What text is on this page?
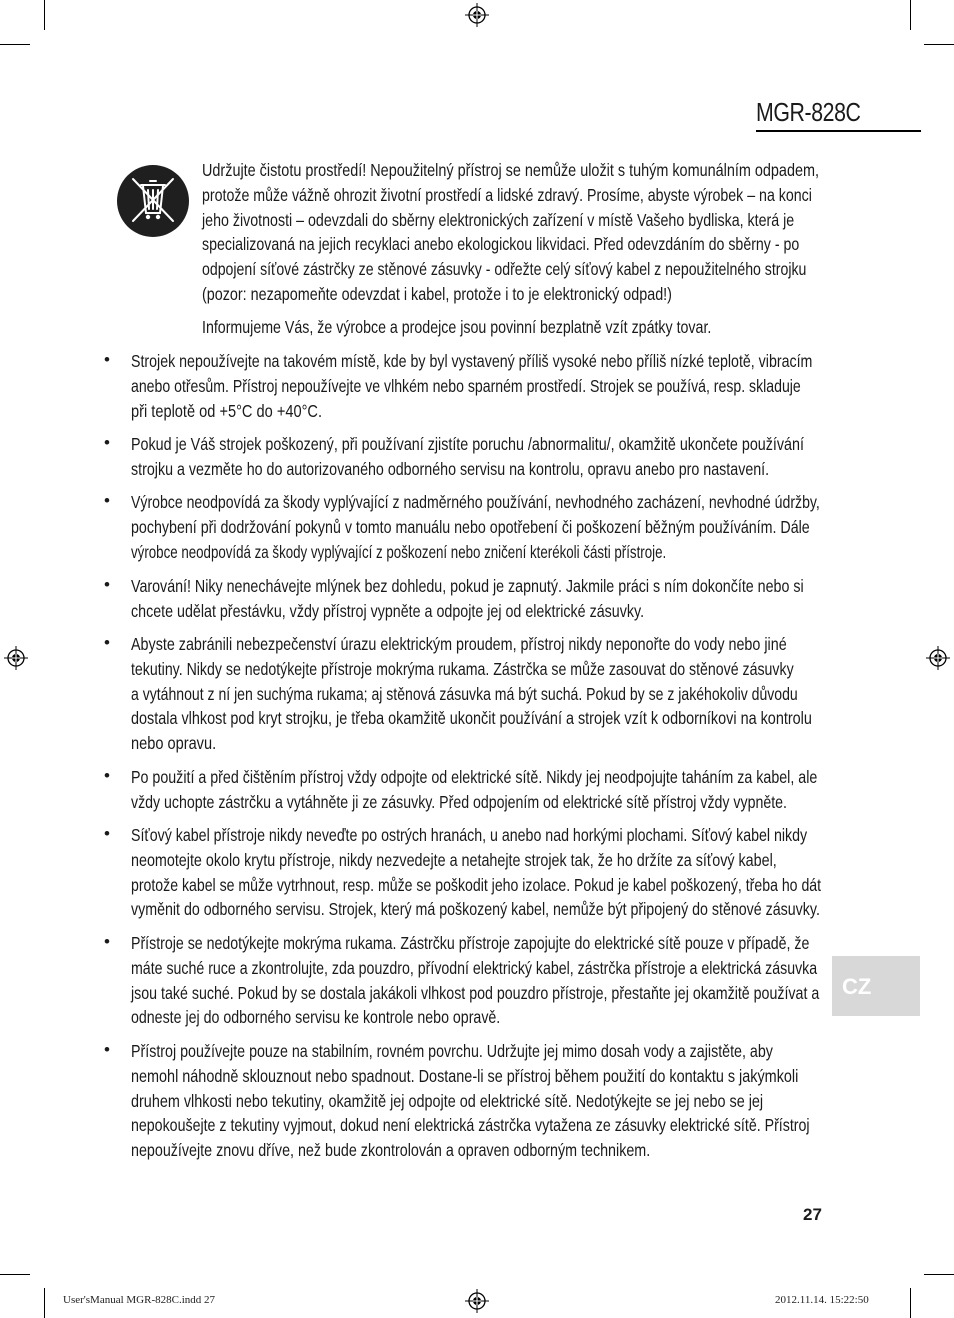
MGR-828C
Udržujte čistotu prostředí! Nepoužitelný přístroj se nemůže uložit s tuhým komunálním odpadem,
protože může vážně ohrozit životní prostředí a lidské zdravý. Prosíme, abyste výrobek – na konci
jeho životnosti – odevzdali do sběrny elektronických zařízení v místě Vašeho bydliska, která je
specializovaná na jejich recyklaci anebo ekologickou likvidaci. Před odevzdáním do sběrny - po
odpojení síťové zástrčky ze stěnové zásuvky - odřežte celý síťový kabel z nepoužitelného strojku
(pozor: nezapomeňte odevzdat i kabel, protože i to je elektronický odpad!)
Informujeme Vás, že výrobce a prodejce jsou povinní bezplatně vzít zpátky tovar.
• Strojek nepoužívejte na takovém místě, kde by byl vystavený příliš vysoké nebo příliš nízké teplotě, vibracím
anebo otřesům. Přístroj nepoužívejte ve vlhkém nebo sparném prostředí. Strojek se používá, resp. skladuje
při teplotě od +5°C do +40°C.
• Pokud je Váš strojek poškozený, při používaní zjistíte poruchu /abnormalitu/, okamžitě ukončete používání
strojku a vezměte ho do autorizovaného odborného servisu na kontrolu, opravu anebo pro nastavení.
• Výrobce neodpovídá za škody vyplývající z nadměrného používání, nevhodného zacházení, nevhodné údržby,
pochybení při dodržování pokynů v tomto manuálu nebo opotřebení či poškození běžným používáním. Dále
výrobce neodpovídá za škody vyplývající z poškození nebo zničení kterékoli části přístroje.
• Varování! Niky nenechávejte mlýnek bez dohledu, pokud je zapnutý. Jakmile práci s ním dokončíte nebo si
chcete udělat přestávku, vždy přístroj vypněte a odpojte jej od elektrické zásuvky.
• Abyste zabránili nebezpečenství úrazu elektrickým proudem, přístroj nikdy neponořte do vody nebo jiné
tekutiny. Nikdy se nedotýkejte přístroje mokrýma rukama. Zástrčka se může zasouvat do stěnové zásuvky
a vytáhnout z ní jen suchýma rukama; aj stěnová zásuvka má být suchá. Pokud by se z jakéhokoliv důvodu
dostala vlhkost pod kryt strojku, je třeba okamžitě ukončit používání a strojek vzít k odborníkovi na kontrolu
nebo opravu.
• Po použití a před čištěním přístroj vždy odpojte od elektrické sítě. Nikdy jej neodpojujte taháním za kabel, ale
vždy uchopte zástrčku a vytáhněte ji ze zásuvky. Před odpojením od elektrické sítě přístroj vždy vypněte.
• Síťový kabel přístroje nikdy neveďte po ostrých hranách, u anebo nad horkými plochami. Síťový kabel nikdy
neomotejte okolo krytu přístroje, nikdy nezvedejte a netahejte strojek tak, že ho držíte za síťový kabel,
protože kabel se může vytrhnout, resp. může se poškodit jeho izolace. Pokud je kabel poškozený, třeba ho dát
vyměnit do odborného servisu. Strojek, který má poškozený kabel, nemůže být připojený do stěnové zásuvky.
• Přístroje se nedotýkejte mokrýma rukama. Zástrčku přístroje zapojujte do elektrické sítě pouze v případě, že
máte suché ruce a zkontrolujte, zda pouzdro, přívodní elektrický kabel, zástrčka přístroje a elektrická zásuvka
jsou také suché. Pokud by se dostala jakákoli vlhkost pod pouzdro přístroje, přestaňte jej okamžitě používat a
odneste jej do odborného servisu ke kontrole nebo opravě.
• Přístroj používejte pouze na stabilním, rovném povrchu. Udržujte jej mimo dosah vody a zajistěte, aby
nemohl náhodně sklouznout nebo spadnout. Dostane-li se přístroj během použití do kontaktu s jakýmkoli
druhem vlhkosti nebo tekutiny, okamžitě jej odpojte od elektrické sítě. Nedotýkejte se jej nebo se jej
nepokoušejte z tekutiny vyjmout, dokud není elektrická zástrčka vytažena ze zásuvky elektrické sítě. Přístroj
nepoužívejte znovu dříve, než bude zkontrolován a opraven odborným technikem.
CZ
27
User'sManual MGR-828C.indd 27	2012.11.14. 15:22:50
